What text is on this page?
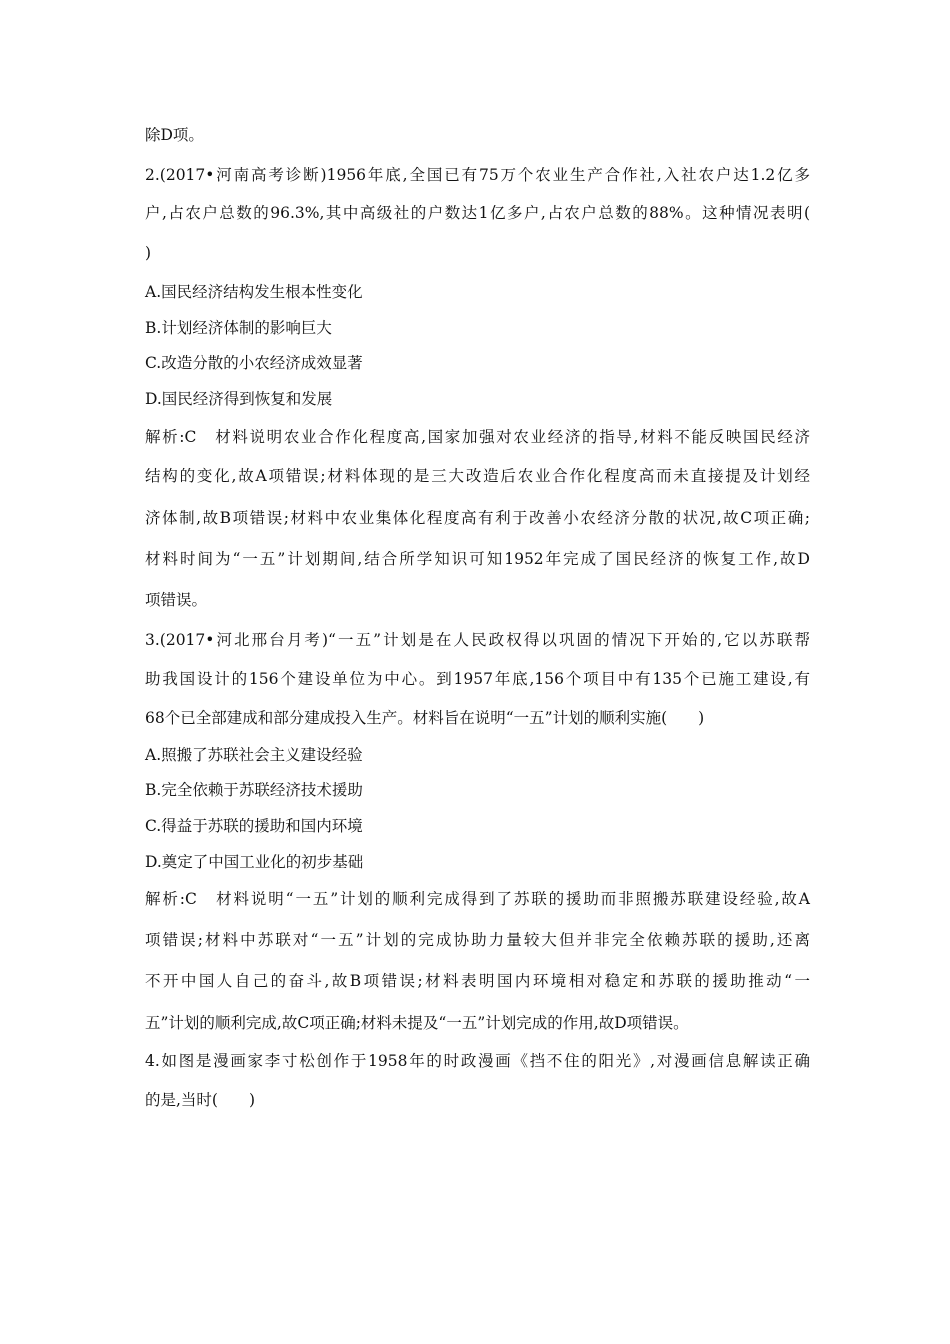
除D项。
2.(2017•河南高考诊断)1956年底,全国已有75万个农业生产合作社,入社农户达1.2亿多
户,占农户总数的96.3%,其中高级社的户数达1亿多户,占农户总数的88%。这种情况表明(
)
A.国民经济结构发生根本性变化
B.计划经济体制的影响巨大
C.改造分散的小农经济成效显著
D.国民经济得到恢复和发展
解析:C　材料说明农业合作化程度高,国家加强对农业经济的指导,材料不能反映国民经济
结构的变化,故A项错误;材料体现的是三大改造后农业合作化程度高而未直接提及计划经
济体制,故B项错误;材料中农业集体化程度高有利于改善小农经济分散的状况,故C项正确;
材料时间为“一五”计划期间,结合所学知识可知1952年完成了国民经济的恢复工作,故D
项错误。
3.(2017•河北邢台月考)“一五”计划是在人民政权得以巩固的情况下开始的,它以苏联帮
助我国设计的156个建设单位为中心。到1957年底,156个项目中有135个已施工建设,有
68个已全部建成和部分建成投入生产。材料旨在说明“一五”计划的顺利实施(　　)
A.照搬了苏联社会主义建设经验
B.完全依赖于苏联经济技术援助
C.得益于苏联的援助和国内环境
D.奠定了中国工业化的初步基础
解析:C　材料说明“一五”计划的顺利完成得到了苏联的援助而非照搬苏联建设经验,故A
项错误;材料中苏联对“一五”计划的完成协助力量较大但并非完全依赖苏联的援助,还离
不开中国人自己的奋斗,故B项错误;材料表明国内环境相对稳定和苏联的援助推动“一
五”计划的顺利完成,故C项正确;材料未提及“一五”计划完成的作用,故D项错误。
4.如图是漫画家李寸松创作于1958年的时政漫画《挡不住的阳光》,对漫画信息解读正确
的是,当时(　　)
